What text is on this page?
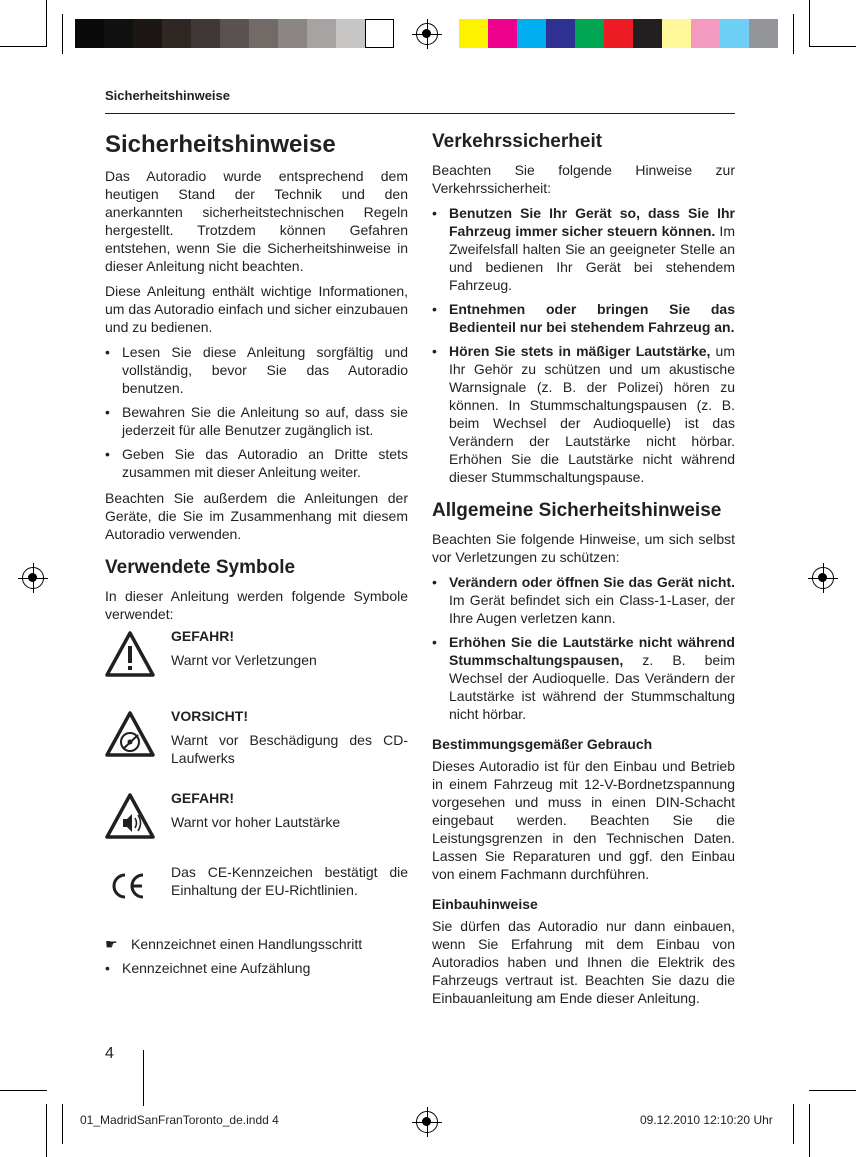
Sicherheitshinweise
Sicherheitshinweise

Das Autoradio wurde entsprechend dem heutigen Stand der Technik und den anerkannten sicherheitstechnischen Regeln hergestellt. Trotzdem können Gefahren entstehen, wenn Sie die Sicherheitshinweise in dieser Anleitung nicht beachten.

Diese Anleitung enthält wichtige Informationen, um das Autoradio einfach und sicher einzubauen und zu bedienen.

• Lesen Sie diese Anleitung sorgfältig und vollständig, bevor Sie das Autoradio benutzen.
• Bewahren Sie die Anleitung so auf, dass sie jederzeit für alle Benutzer zugänglich ist.
• Geben Sie das Autoradio an Dritte stets zusammen mit dieser Anleitung weiter.

Beachten Sie außerdem die Anleitungen der Geräte, die Sie im Zusammenhang mit diesem Autoradio verwenden.

Verwendete Symbole

In dieser Anleitung werden folgende Symbole verwendet:

GEFAHR!
Warnt vor Verletzungen
VORSICHT!
Warnt vor Beschädigung des CD-Laufwerks
GEFAHR!
Warnt vor hoher Lautstärke
Das CE-Kennzeichen bestätigt die Einhaltung der EU-Richtlinien.
☛ Kennzeichnet einen Handlungsschritt
• Kennzeichnet eine Aufzählung
Verkehrssicherheit

Beachten Sie folgende Hinweise zur Verkehrssicherheit:

• Benutzen Sie Ihr Gerät so, dass Sie Ihr Fahrzeug immer sicher steuern können. Im Zweifelsfall halten Sie an geeigneter Stelle an und bedienen Ihr Gerät bei stehendem Fahrzeug.
• Entnehmen oder bringen Sie das Bedienteil nur bei stehendem Fahrzeug an.
• Hören Sie stets in mäßiger Lautstärke, um Ihr Gehör zu schützen und um akustische Warnsignale (z. B. der Polizei) hören zu können. In Stummschaltungspausen (z. B. beim Wechsel der Audioquelle) ist das Verändern der Lautstärke nicht hörbar. Erhöhen Sie die Lautstärke nicht während dieser Stummschaltungspause.
Allgemeine Sicherheitshinweise

Beachten Sie folgende Hinweise, um sich selbst vor Verletzungen zu schützen:

• Verändern oder öffnen Sie das Gerät nicht. Im Gerät befindet sich ein Class-1-Laser, der Ihre Augen verletzen kann.
• Erhöhen Sie die Lautstärke nicht während Stummschaltungspausen, z. B. beim Wechsel der Audioquelle. Das Verändern der Lautstärke ist während der Stummschaltung nicht hörbar.
Bestimmungsgemäßer Gebrauch

Dieses Autoradio ist für den Einbau und Betrieb in einem Fahrzeug mit 12-V-Bordnetzspannung vorgesehen und muss in einen DIN-Schacht eingebaut werden. Beachten Sie die Leistungsgrenzen in den Technischen Daten. Lassen Sie Reparaturen und ggf. den Einbau von einem Fachmann durchführen.

Einbauhinweise

Sie dürfen das Autoradio nur dann einbauen, wenn Sie Erfahrung mit dem Einbau von Autoradios haben und Ihnen die Elektrik des Fahrzeugs vertraut ist. Beachten Sie dazu die Einbauanleitung am Ende dieser Anleitung.

4
01_MadridSanFranToronto_de.indd 4	09.12.2010 12:10:20 Uhr
